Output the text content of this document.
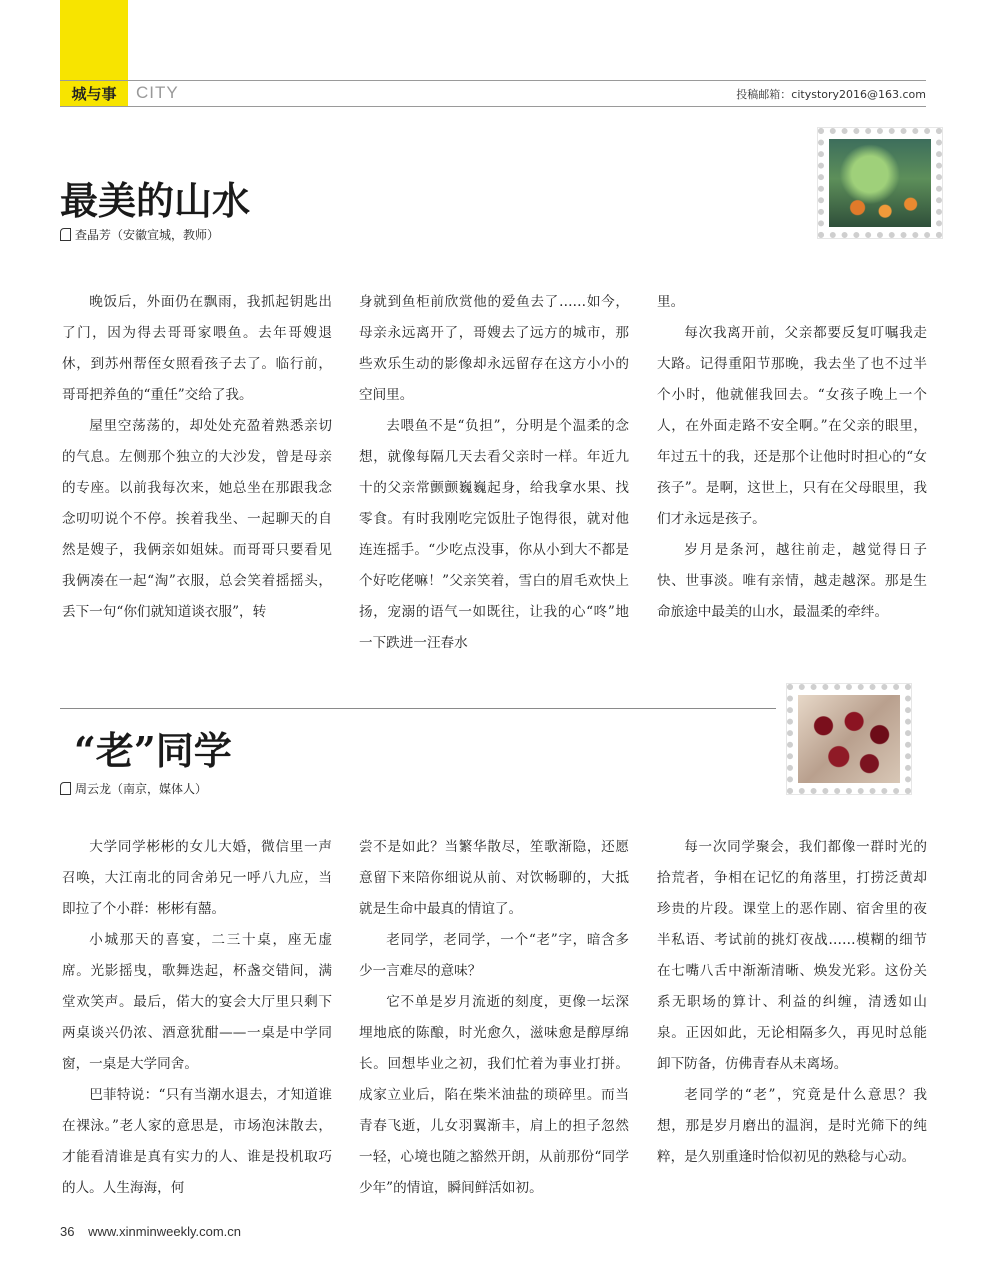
城与事	CITY	投稿邮箱：citystory2016@163.com
最美的山水
查晶芳（安徽宣城，教师）

晚饭后，外面仍在飘雨，我抓起钥匙出了门，因为得去哥哥家喂鱼。去年哥嫂退休，到苏州帮侄女照看孩子去了。临行前，哥哥把养鱼的“重任”交给了我。

屋里空荡荡的，却处处充盈着熟悉亲切的气息。左侧那个独立的大沙发，曾是母亲的专座。以前我每次来，她总坐在那跟我念念叨叨说个不停。挨着我坐、一起聊天的自然是嫂子，我俩亲如姐妹。而哥哥只要看见我俩凑在一起“淘”衣服，总会笑着摇摇头，丢下一句“你们就知道谈衣服”，转

身就到鱼柜前欣赏他的爱鱼去了……如今，母亲永远离开了，哥嫂去了远方的城市，那些欢乐生动的影像却永远留存在这方小小的空间里。

去喂鱼不是“负担”，分明是个温柔的念想，就像每隔几天去看父亲时一样。年近九十的父亲常颤颤巍巍起身，给我拿水果、找零食。有时我刚吃完饭肚子饱得很，就对他连连摇手。“少吃点没事，你从小到大不都是个好吃佬嘛！”父亲笑着，雪白的眉毛欢快上扬，宠溺的语气一如既往，让我的心“咚”地一下跌进一汪春水

里。

每次我离开前，父亲都要反复叮嘱我走大路。记得重阳节那晚，我去坐了也不过半个小时，他就催我回去。“女孩子晚上一个人，在外面走路不安全啊。”在父亲的眼里，年过五十的我，还是那个让他时时担心的“女孩子”。是啊，这世上，只有在父母眼里，我们才永远是孩子。

岁月是条河，越往前走，越觉得日子快、世事淡。唯有亲情，越走越深。那是生命旅途中最美的山水，最温柔的牵绊。

“老”同学
周云龙（南京，媒体人）

大学同学彬彬的女儿大婚，微信里一声召唤，大江南北的同舍弟兄一呼八九应，当即拉了个小群：彬彬有囍。

小城那天的喜宴，二三十桌，座无虚席。光影摇曳，歌舞迭起，杯盏交错间，满堂欢笑声。最后，偌大的宴会大厅里只剩下两桌谈兴仍浓、酒意犹酣——一桌是中学同窗，一桌是大学同舍。

巴菲特说：“只有当潮水退去，才知道谁在裸泳。”老人家的意思是，市场泡沫散去，才能看清谁是真有实力的人、谁是投机取巧的人。人生海海，何

尝不是如此？当繁华散尽，笙歌渐隐，还愿意留下来陪你细说从前、对饮畅聊的，大抵就是生命中最真的情谊了。

老同学，老同学，一个“老”字，暗含多少一言难尽的意味？

它不单是岁月流逝的刻度，更像一坛深埋地底的陈酿，时光愈久，滋味愈是醇厚绵长。回想毕业之初，我们忙着为事业打拼。成家立业后，陷在柴米油盐的琐碎里。而当青春飞逝，儿女羽翼渐丰，肩上的担子忽然一轻，心境也随之豁然开朗，从前那份“同学少年”的情谊，瞬间鲜活如初。

每一次同学聚会，我们都像一群时光的拾荒者，争相在记忆的角落里，打捞泛黄却珍贵的片段。课堂上的恶作剧、宿舍里的夜半私语、考试前的挑灯夜战……模糊的细节在七嘴八舌中渐渐清晰、焕发光彩。这份关系无职场的算计、利益的纠缠，清透如山泉。正因如此，无论相隔多久，再见时总能卸下防备，仿佛青春从未离场。

老同学的“老”，究竟是什么意思？我想，那是岁月磨出的温润，是时光筛下的纯粹，是久别重逢时恰似初见的熟稔与心动。

36 www.xinminweekly.com.cn
